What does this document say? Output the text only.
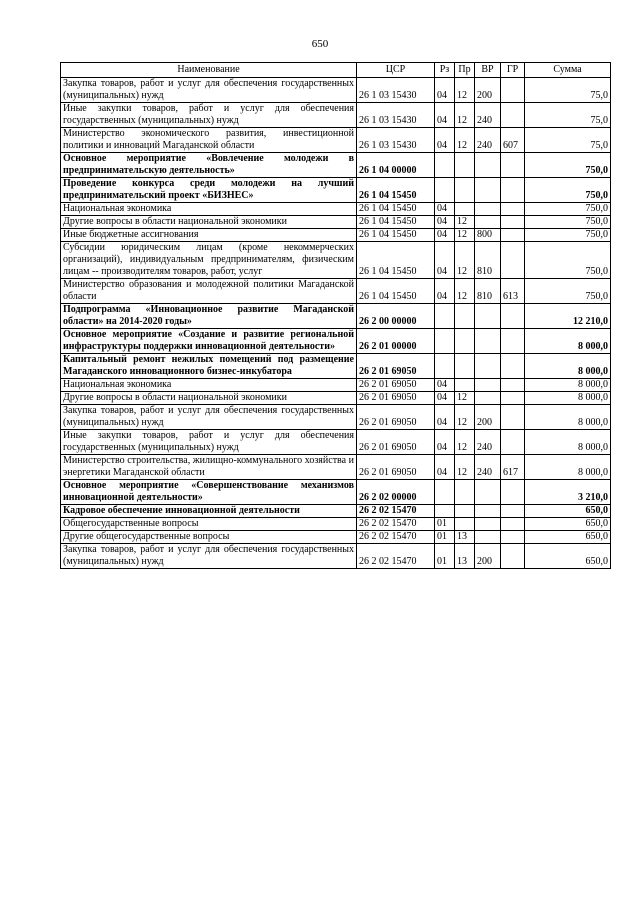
650
Наименование	ЦСР	Рз	Пр	ВР	ГР	Сумма
Закупка товаров, работ и услуг для обеспечения государственных (муниципальных) нужд	26 1 03 15430	04	12	200		75,0
Иные закупки товаров, работ и услуг для обеспечения государственных (муниципальных) нужд	26 1 03 15430	04	12	240		75,0
Министерство экономического развития, инвестиционной политики и инноваций Магаданской области	26 1 03 15430	04	12	240	607	75,0
Основное мероприятие «Вовлечение молодежи в предпринимательскую деятельность»	26 1 04 00000					750,0
Проведение конкурса среди молодежи на лучший предпринимательский проект «БИЗНЕС»	26 1 04 15450					750,0
Национальная экономика	26 1 04 15450	04				750,0
Другие вопросы в области национальной экономики	26 1 04 15450	04	12			750,0
Иные бюджетные ассигнования	26 1 04 15450	04	12	800		750,0
Субсидии юридическим лицам (кроме некоммерческих организаций), индивидуальным предпринимателям, физическим лицам -- производителям товаров, работ, услуг	26 1 04 15450	04	12	810		750,0
Министерство образования и молодежной политики Магаданской области	26 1 04 15450	04	12	810	613	750,0
Подпрограмма «Инновационное развитие Магаданской области» на 2014-2020 годы»	26 2 00 00000					12 210,0
Основное мероприятие «Создание и развитие региональной инфраструктуры поддержки инновационной деятельности»	26 2 01 00000					8 000,0
Капитальный ремонт нежилых помещений под размещение Магаданского инновационного бизнес-инкубатора	26 2 01 69050					8 000,0
Национальная экономика	26 2 01 69050	04				8 000,0
Другие вопросы в области национальной экономики	26 2 01 69050	04	12			8 000,0
Закупка товаров, работ и услуг для обеспечения государственных (муниципальных) нужд	26 2 01 69050	04	12	200		8 000,0
Иные закупки товаров, работ и услуг для обеспечения государственных (муниципальных) нужд	26 2 01 69050	04	12	240		8 000,0
Министерство строительства, жилищно-коммунального хозяйства и энергетики Магаданской области	26 2 01 69050	04	12	240	617	8 000,0
Основное мероприятие «Совершенствование механизмов инновационной деятельности»	26 2 02 00000					3 210,0
Кадровое обеспечение инновационной деятельности	26 2 02 15470					650,0
Общегосударственные вопросы	26 2 02 15470	01				650,0
Другие общегосударственные вопросы	26 2 02 15470	01	13			650,0
Закупка товаров, работ и услуг для обеспечения государственных (муниципальных) нужд	26 2 02 15470	01	13	200		650,0
